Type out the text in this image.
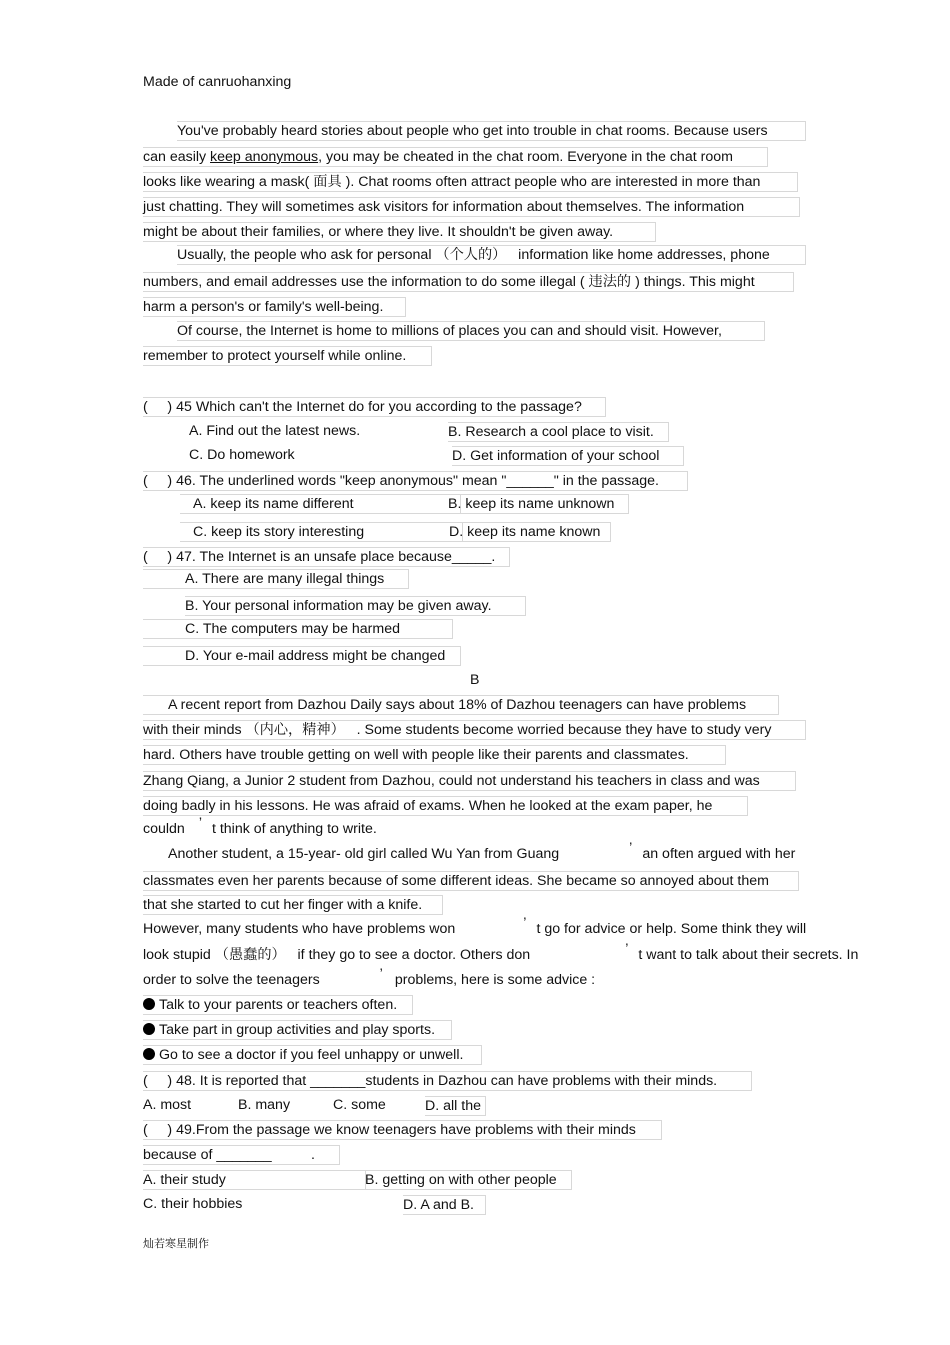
Made of canruohanxing
You've probably heard stories about people who get into trouble in chat rooms. Because users
can easily keep anonymous, you may be cheated in the chat room. Everyone in the chat room
looks like wearing a mask( 面具 ). Chat rooms often attract people who are interested in more than
just chatting. They will sometimes ask visitors for information about themselves. The information
might be about their families, or where they live. It shouldn't be given away.
Usually, the people who ask for personal （个人的）   information like home addresses, phone
numbers, and email addresses use the information to do some illegal ( 违法的 ) things. This might
harm a person's or family's well-being.
Of course, the Internet is home to millions of places you can and should visit. However,
remember to protect yourself while online.
(     ) 45 Which can't the Internet do for you according to the passage?
A. Find out the latest news.	B. Research a cool place to visit.
C. Do homework	D. Get information of your school
(     ) 46. The underlined words "keep anonymous" mean "______" in the passage.
A. keep its name different	B. keep its name unknown
C. keep its story interesting	D. keep its name known
(     ) 47. The Internet is an unsafe place because_____.
A. There are many illegal things
B. Your personal information may be given away.
C. The computers may be harmed
D. Your e-mail address might be changed
B
A recent report from Dazhou Daily says about 18% of Dazhou teenagers can have problems
with their minds （内心，精神）   . Some students become worried because they have to study very
hard. Others have trouble getting on well with people like their parents and classmates.
Zhang Qiang, a Junior 2 student from Dazhou, could not understand his teachers in class and was
doing badly in his lessons. He was afraid of exams. When he looked at the exam paper, he
couldn ’ t think of anything to write.
Another student, a 15-year- old girl called Wu Yan from Guang	’ an often argued with her
classmates even her parents because of some different ideas. She became so annoyed about them
that she started to cut her finger with a knife.
However, many students who have problems won	’ t go for advice or help. Some think they will
look stupid （愚蠢的）   if they go to see a doctor. Others don	’ t want to talk about their secrets. In
order to solve the teenagers	’ problems, here is some advice :
Talk to your parents or teachers often.
Take part in group activities and play sports.
Go to see a doctor if you feel unhappy or unwell.
(     ) 48. It is reported that _______students in Dazhou can have problems with their minds.
A. most	B. many	C. some	D. all the
(     ) 49.From the passage we know teenagers have problems with their minds
because of _______          .
A. their study	B. getting on with other people
C. their hobbies	D. A and B.
灿若寒星制作
